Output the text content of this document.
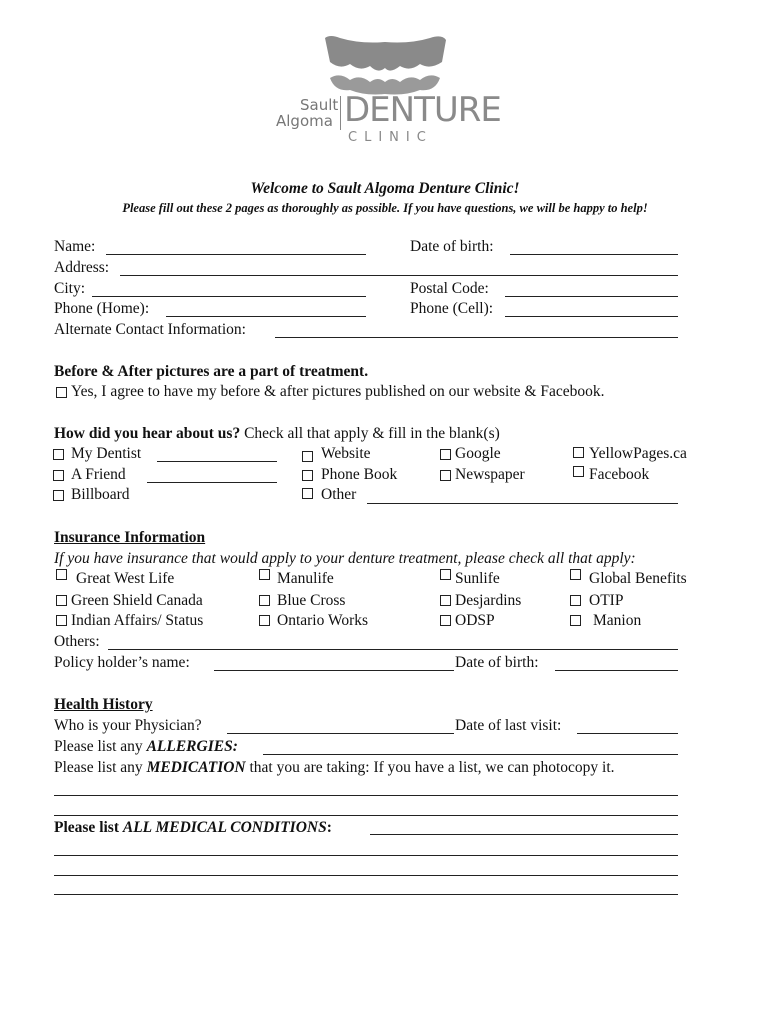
Sault
Algoma DENTURE
CLINIC
Welcome to Sault Algoma Denture Clinic!
Please fill out these 2 pages as thoroughly as possible. If you have questions, we will be happy to help!
Name:	Date of birth:
Address:
City:	Postal Code:
Phone (Home):	Phone (Cell):
Alternate Contact Information:
Before & After pictures are a part of treatment.
Yes, I agree to have my before & after pictures published on our website & Facebook.
How did you hear about us? Check all that apply & fill in the blank(s)
My Dentist
A Friend
Billboard
Website
Phone Book
Other
Google
Newspaper
YellowPages.ca
Facebook
Insurance Information
If you have insurance that would apply to your denture treatment, please check all that apply:
Great West Life
Green Shield Canada
Indian Affairs/ Status
Manulife
Blue Cross
Ontario Works
Sunlife
Desjardins
ODSP
Global Benefits
OTIP
Manion
Others:
Policy holder’s name:	Date of birth:
Health History
Who is your Physician?	Date of last visit:
Please list any ALLERGIES:
Please list any MEDICATION that you are taking: If you have a list, we can photocopy it.
Please list ALL MEDICAL CONDITIONS:
